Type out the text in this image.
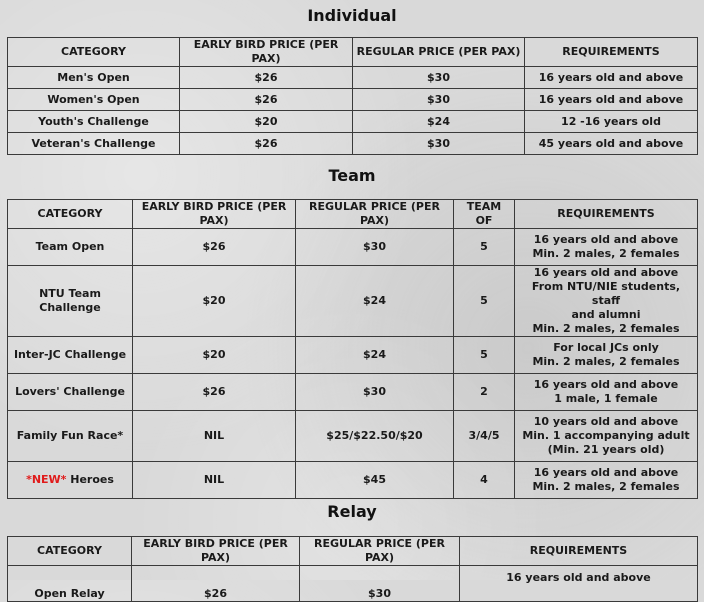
Individual
CATEGORY	EARLY BIRD PRICE (PER PAX)	REGULAR PRICE (PER PAX)	REQUIREMENTS
Men's Open	$26	$30	16 years old and above
Women's Open	$26	$30	16 years old and above
Youth's Challenge	$20	$24	12 -16 years old
Veteran's Challenge	$26	$30	45 years old and above
Team
CATEGORY	EARLY BIRD PRICE (PER PAX)	REGULAR PRICE (PER PAX)	TEAM OF	REQUIREMENTS
Team Open	$26	$30	5	16 years old and above
Min. 2 males, 2 females

NTU Team Challenge	$20	$24	5	16 years old and above
From NTU/NIE students, staff
and alumni
Min. 2 males, 2 females

Inter-JC Challenge	$20	$24	5	For local JCs only
Min. 2 males, 2 females

Lovers' Challenge	$26	$30	2	16 years old and above
1 male, 1 female

Family Fun Race*	NIL	$25/$22.50/$20	3/4/5	10 years old and above
Min. 1 accompanying adult
(Min. 21 years old)

*NEW* Heroes	NIL	$45	4	16 years old and above
Min. 2 males, 2 females
Relay
CATEGORY	EARLY BIRD PRICE (PER PAX)	REGULAR PRICE (PER PAX)	REQUIREMENTS
Open Relay	$26	$30	16 years old and above
